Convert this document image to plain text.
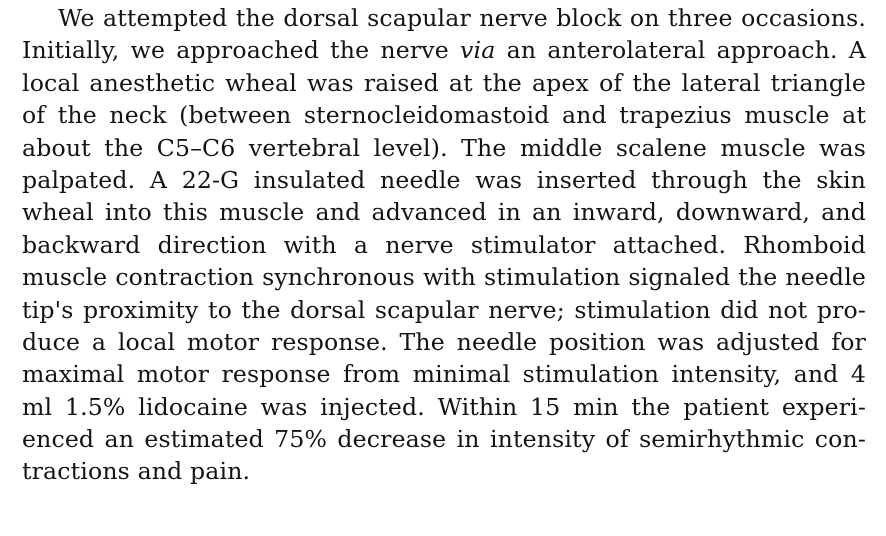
We attempted the dorsal scapular nerve block on three occasions.
Initially, we approached the nerve via an anterolateral approach. A
local anesthetic wheal was raised at the apex of the lateral triangle
of the neck (between sternocleidomastoid and trapezius muscle at
about the C5–C6 vertebral level). The middle scalene muscle was
palpated. A 22-G insulated needle was inserted through the skin
wheal into this muscle and advanced in an inward, downward, and
backward direction with a nerve stimulator attached. Rhomboid
muscle contraction synchronous with stimulation signaled the needle
tip's proximity to the dorsal scapular nerve; stimulation did not pro-
duce a local motor response. The needle position was adjusted for
maximal motor response from minimal stimulation intensity, and 4
ml 1.5% lidocaine was injected. Within 15 min the patient experi-
enced an estimated 75% decrease in intensity of semirhythmic con-
tractions and pain.
